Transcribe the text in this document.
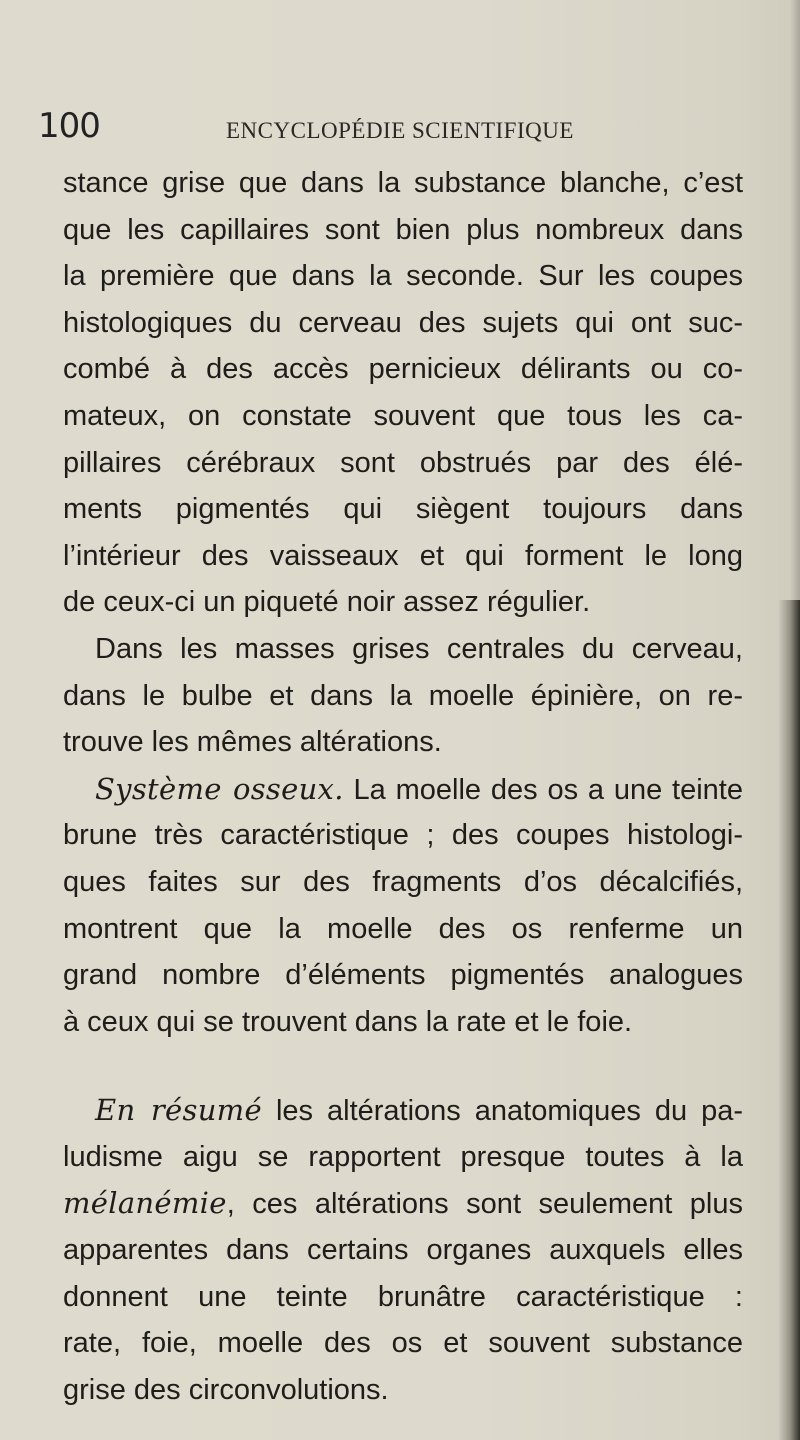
100	ENCYCLOPÉDIE SCIENTIFIQUE
stance grise que dans la substance blanche, c’est
que les capillaires sont bien plus nombreux dans
la première que dans la seconde. Sur les coupes
histologiques du cerveau des sujets qui ont suc-
combé à des accès pernicieux délirants ou co-
mateux, on constate souvent que tous les ca-
pillaires cérébraux sont obstrués par des élé-
ments pigmentés qui siègent toujours dans
l’intérieur des vaisseaux et qui forment le long
de ceux-ci un piqueté noir assez régulier.
Dans les masses grises centrales du cerveau,
dans le bulbe et dans la moelle épinière, on re-
trouve les mêmes altérations.
Système osseux. La moelle des os a une teinte
brune très caractéristique ; des coupes histologi-
ques faites sur des fragments d’os décalcifiés,
montrent que la moelle des os renferme un
grand nombre d’éléments pigmentés analogues
à ceux qui se trouvent dans la rate et le foie.
En résumé les altérations anatomiques du pa-
ludisme aigu se rapportent presque toutes à la
mélanémie, ces altérations sont seulement plus
apparentes dans certains organes auxquels elles
donnent une teinte brunâtre caractéristique :
rate, foie, moelle des os et souvent substance
grise des circonvolutions.
